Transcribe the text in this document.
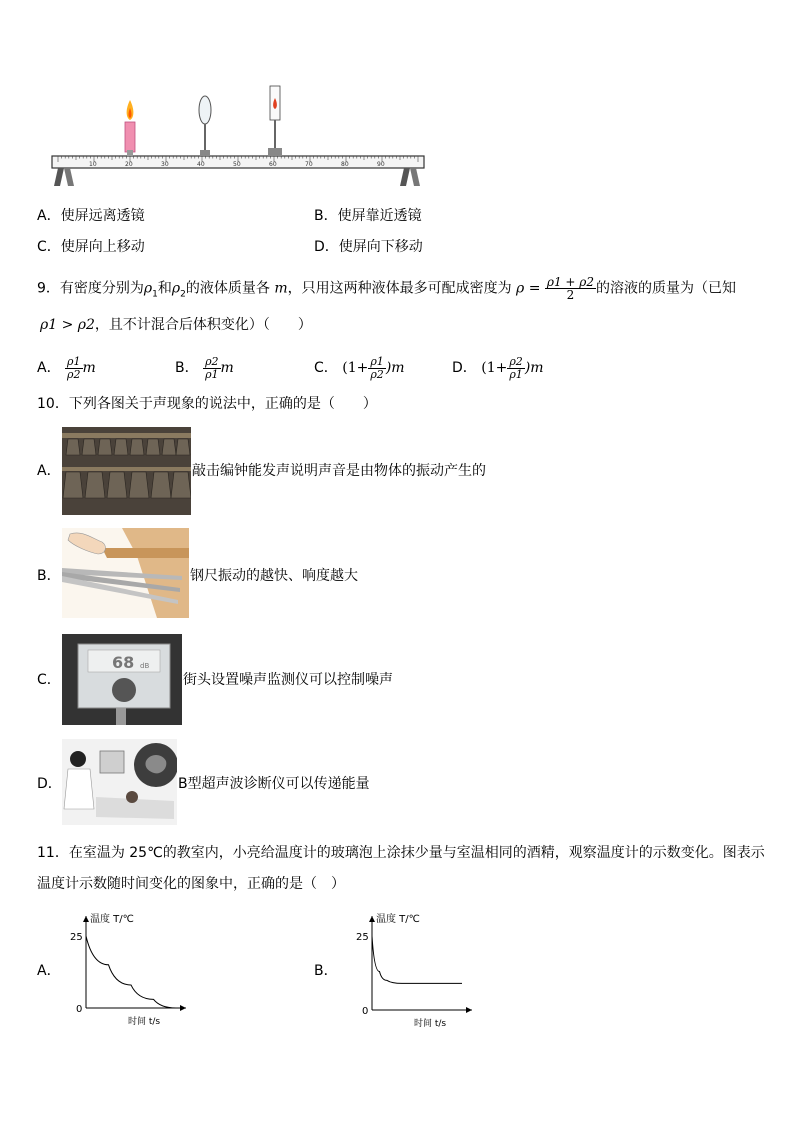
10	20	30	40	50	60	70	80	90
A．使屏远离透镜	B．使屏靠近透镜
C．使屏向上移动	D．使屏向下移动
9．有密度分别为$\rho_1$和$\rho_2$的液体质量各 m，只用这两种液体最多可配成密度为 $\rho = \frac{\rho 1 + \rho 2}{2}$ 的溶液的质量为（已知
ρ1 > ρ2，且不计混合后体积变化）（　　）
A． $\frac{\rho 1}{\rho 2}$ m	B． $\frac{\rho 2}{\rho 1}$ m	C． $(1+ \frac{\rho 1}{\rho 2} )m$	D． $(1+ \frac{\rho 2}{\rho 1} )m$
10．下列各图关于声现象的说法中，正确的是（　　）
A．	敲击编钟能发声说明声音是由物体的振动产生的
B．	钢尺振动的越快、响度越大
C．
68 dB
街头设置噪声监测仪可以控制噪声
D．	B型超声波诊断仪可以传递能量
11．在室温为 25℃的教室内，小亮给温度计的玻璃泡上涂抹少量与室温相同的酒精，观察温度计的示数变化。图表示
温度计示数随时间变化的图象中，正确的是（　）
A．
温度 T/℃
时间 t/s
0
25
B．
温度 T/℃
时间 t/s
0
25
